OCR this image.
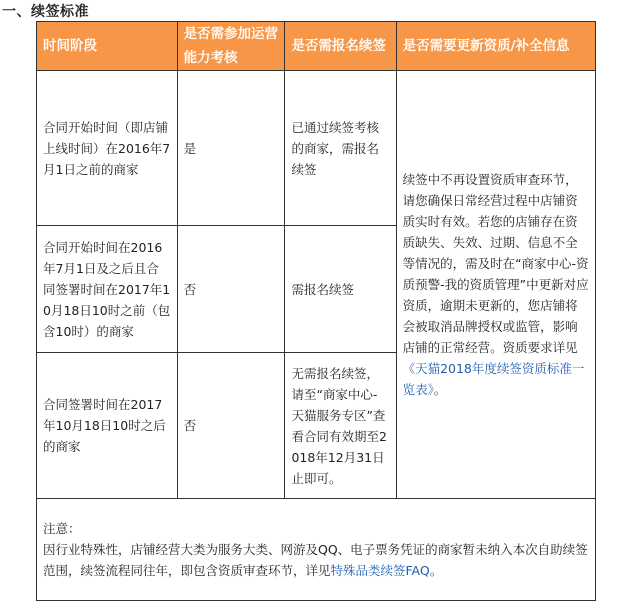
一、续签标准
时间阶段	是否需参加运营能力考核	是否需报名续签	是否需要更新资质/补全信息
合同开始时间（即店铺上线时间）在2016年7月1日之前的商家	是	已通过续签考核的商家，需报名续签	续签中不再设置资质审查环节，请您确保日常经营过程中店铺资质实时有效。若您的店铺存在资质缺失、失效、过期、信息不全等情况的，需及时在“商家中心-资质预警-我的资质管理”中更新对应资质，逾期未更新的，您店铺将会被取消品牌授权或监管，影响店铺的正常经营。资质要求详见《天猫2018年度续签资质标准一览表》。
合同开始时间在2016年7月1日及之后且合同签署时间在2017年10月18日10时之前（包含10时）的商家	否	需报名续签	
合同签署时间在2017年10月18日10时之后的商家	否	无需报名续签，请至“商家中心-天猫服务专区”查看合同有效期至2018年12月31日止即可。	

注意：
因行业特殊性，店铺经营大类为服务大类、网游及QQ、电子票务凭证的商家暂未纳入本次自助续签范围，续签流程同往年，即包含资质审查环节，详见特殊品类续签FAQ。			
